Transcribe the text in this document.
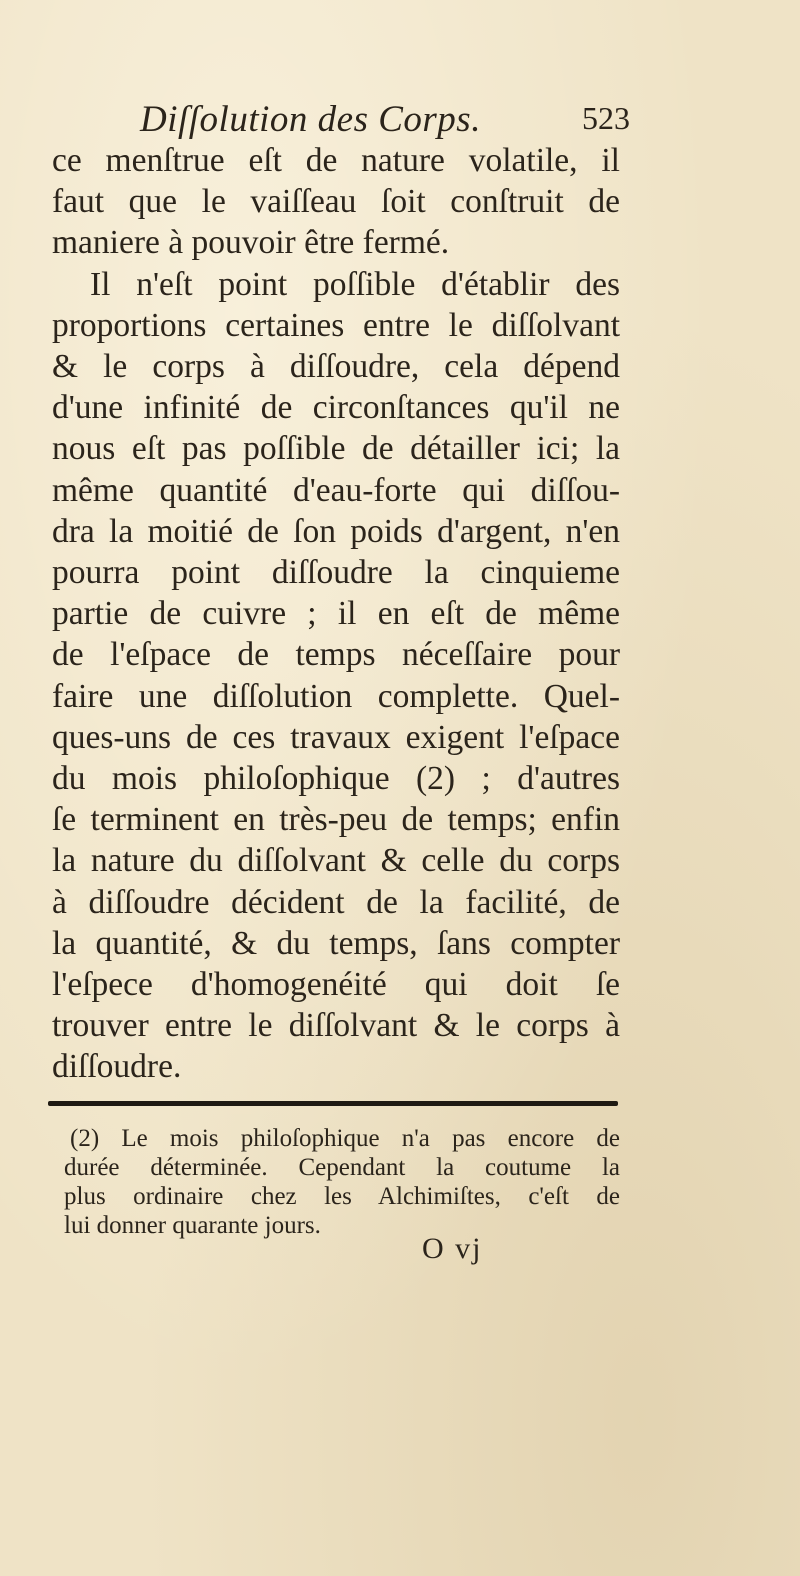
Diſſolution des Corps.	523
ce menſtrue eſt de nature volatile, il
faut que le vaiſſeau ſoit conſtruit de
maniere à pouvoir être fermé.
Il n'eſt point poſſible d'établir des
proportions certaines entre le diſſolvant
& le corps à diſſoudre, cela dépend
d'une infinité de circonſtances qu'il ne
nous eſt pas poſſible de détailler ici; la
même quantité d'eau-forte qui diſſou-
dra la moitié de ſon poids d'argent, n'en
pourra point diſſoudre la cinquieme
partie de cuivre ; il en eſt de même
de l'eſpace de temps néceſſaire pour
faire une diſſolution complette. Quel-
ques-uns de ces travaux exigent l'eſpace
du mois philoſophique (2) ; d'autres
ſe terminent en très-peu de temps; enfin
la nature du diſſolvant & celle du corps
à diſſoudre décident de la facilité, de
la quantité, & du temps, ſans compter
l'eſpece d'homogenéité qui doit ſe
trouver entre le diſſolvant & le corps à
diſſoudre.
(2) Le mois philoſophique n'a pas encore de
durée déterminée. Cependant la coutume la
plus ordinaire chez les Alchimiſtes, c'eſt de
lui donner quarante jours.
O vj
